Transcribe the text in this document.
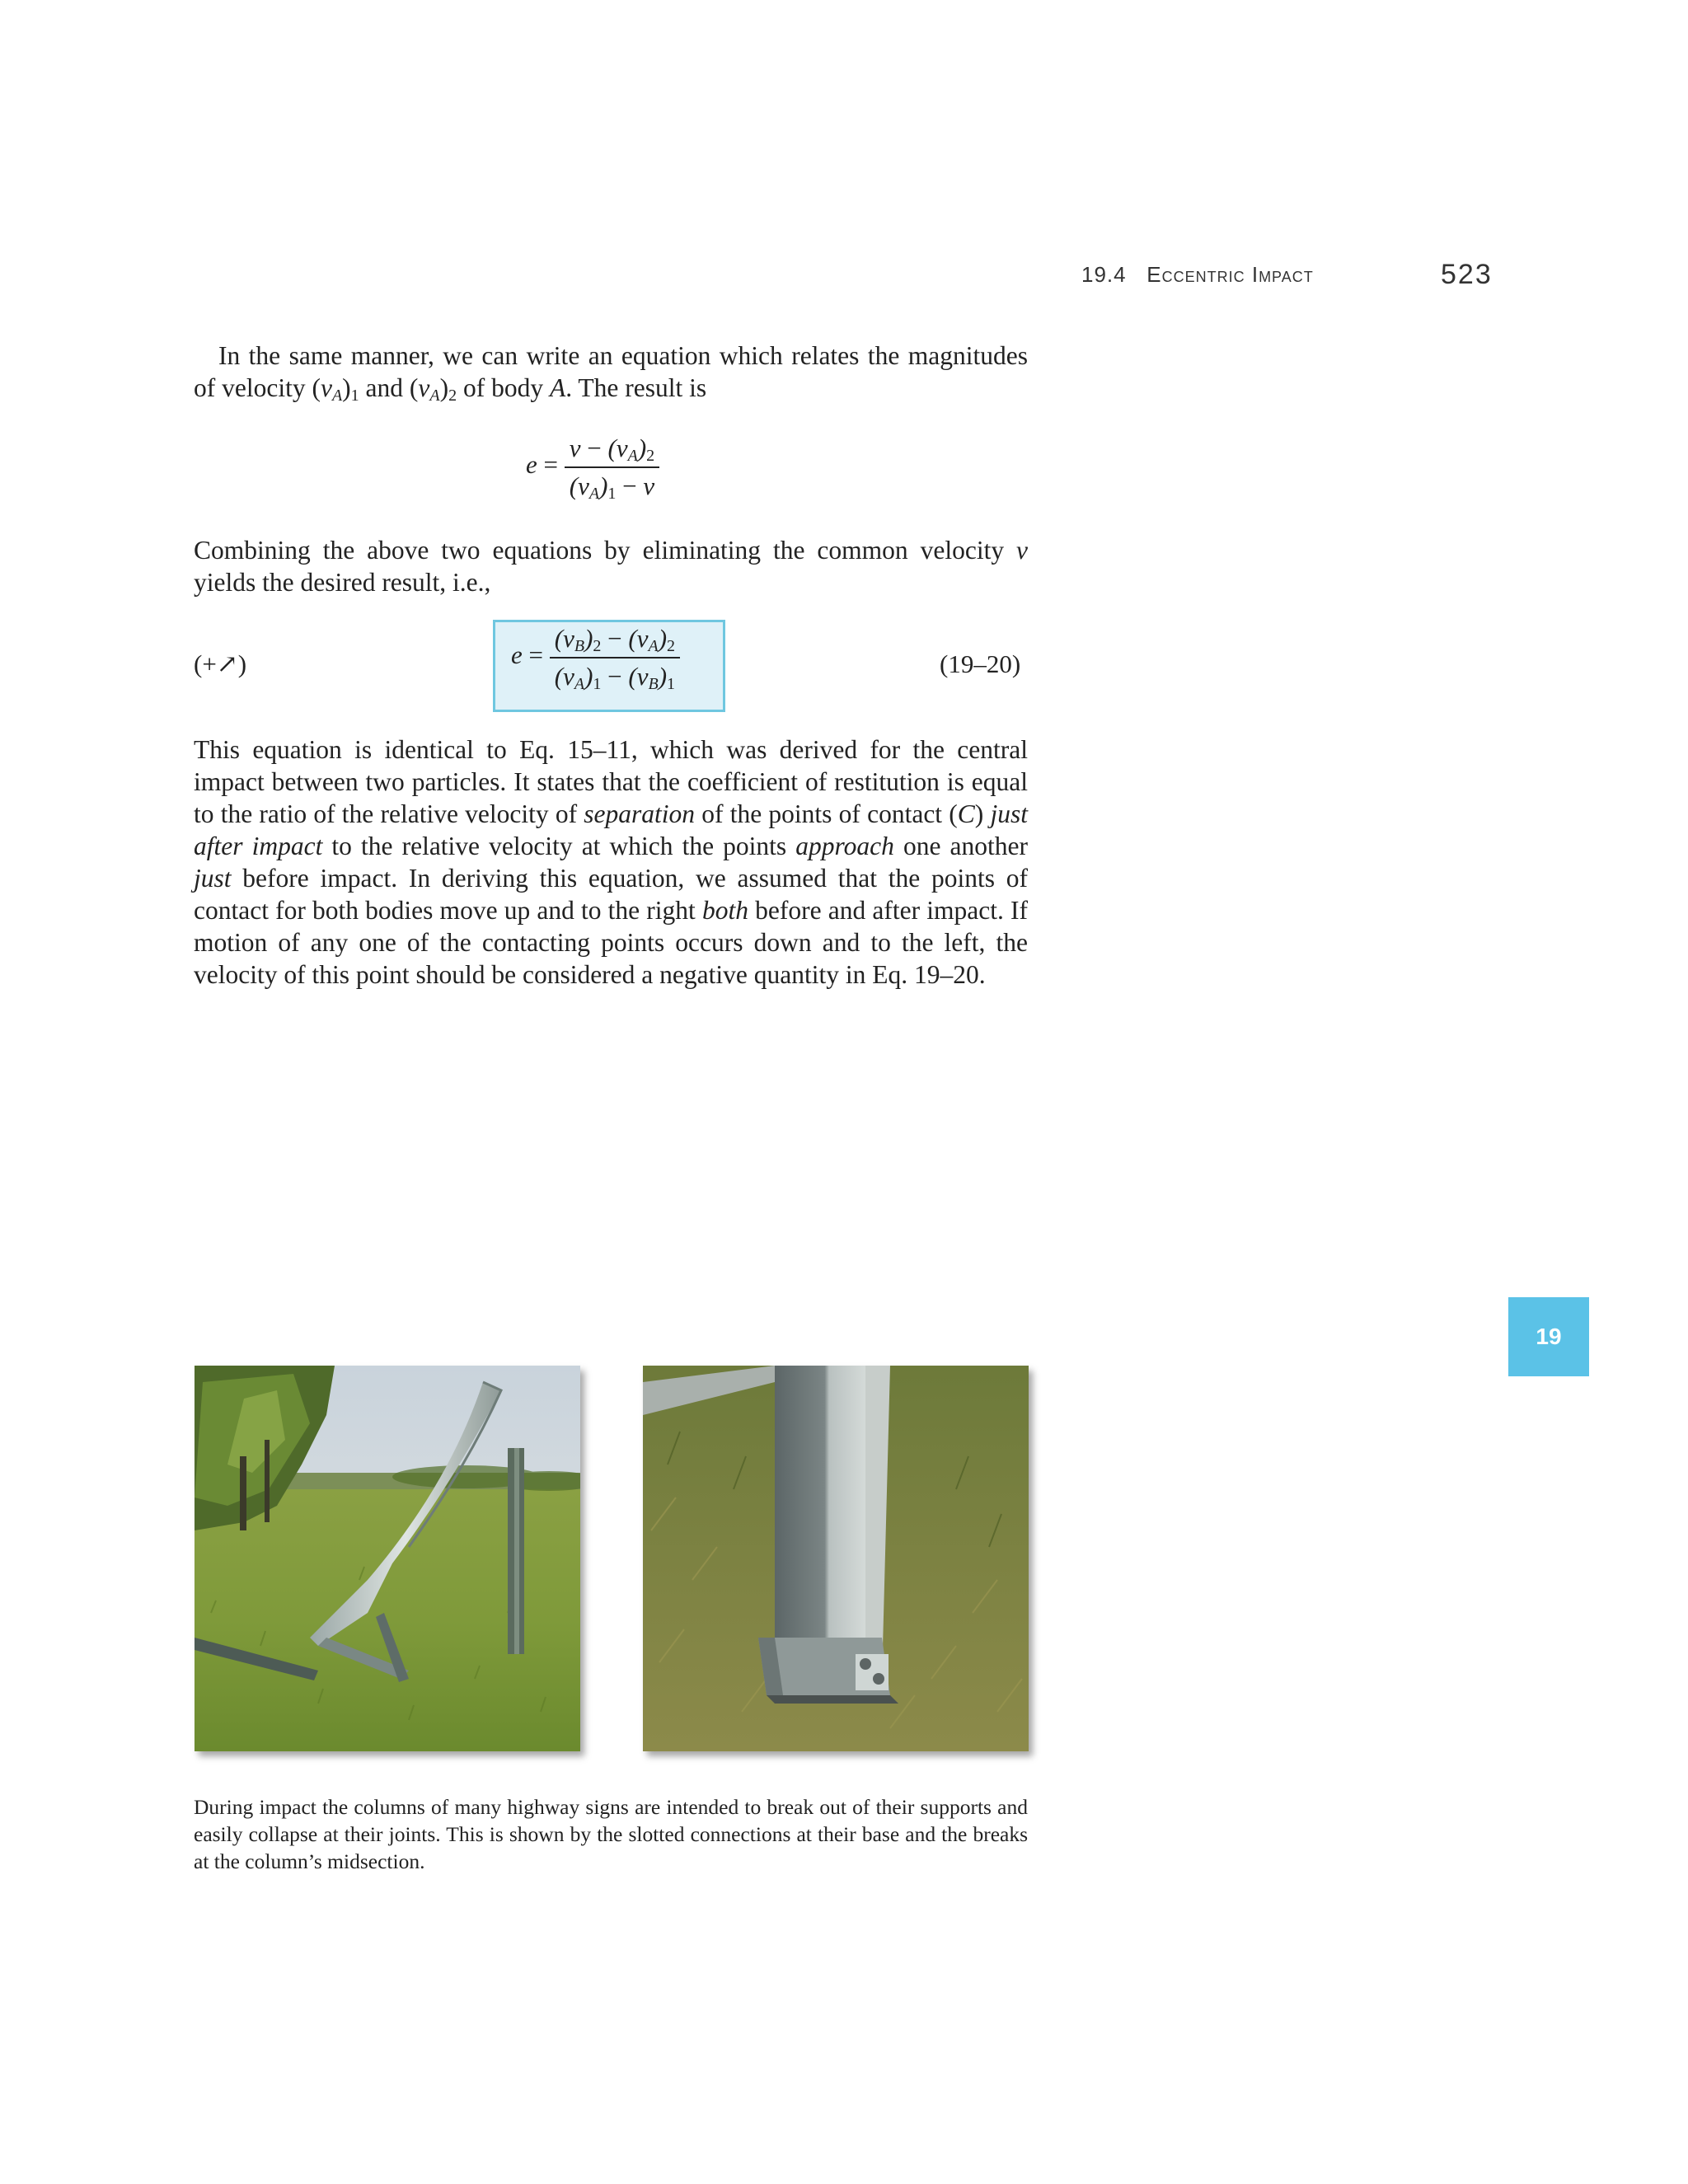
19.4 Eccentric Impact	523
In the same manner, we can write an equation which relates the magnitudes of velocity $(v_A)_1$ and $(v_A)_2$ of body A. The result is
$e = \frac{v - (v_A)_2}{(v_A)_1 - v}$
Combining the above two equations by eliminating the common velocity v yields the desired result, i.e.,
(+↗)	$e = \frac{(v_B)_2 - (v_A)_2}{(v_A)_1 - (v_B)_1}$	(19–20)
This equation is identical to Eq. 15–11, which was derived for the central impact between two particles. It states that the coefficient of restitution is equal to the ratio of the relative velocity of separation of the points of contact (C) just after impact to the relative velocity at which the points approach one another just before impact. In deriving this equation, we assumed that the points of contact for both bodies move up and to the right both before and after impact. If motion of any one of the contacting points occurs down and to the left, the velocity of this point should be considered a negative quantity in Eq. 19–20.
19
During impact the columns of many highway signs are intended to break out of their supports and easily collapse at their joints. This is shown by the slotted connections at their base and the breaks at the column’s midsection.
